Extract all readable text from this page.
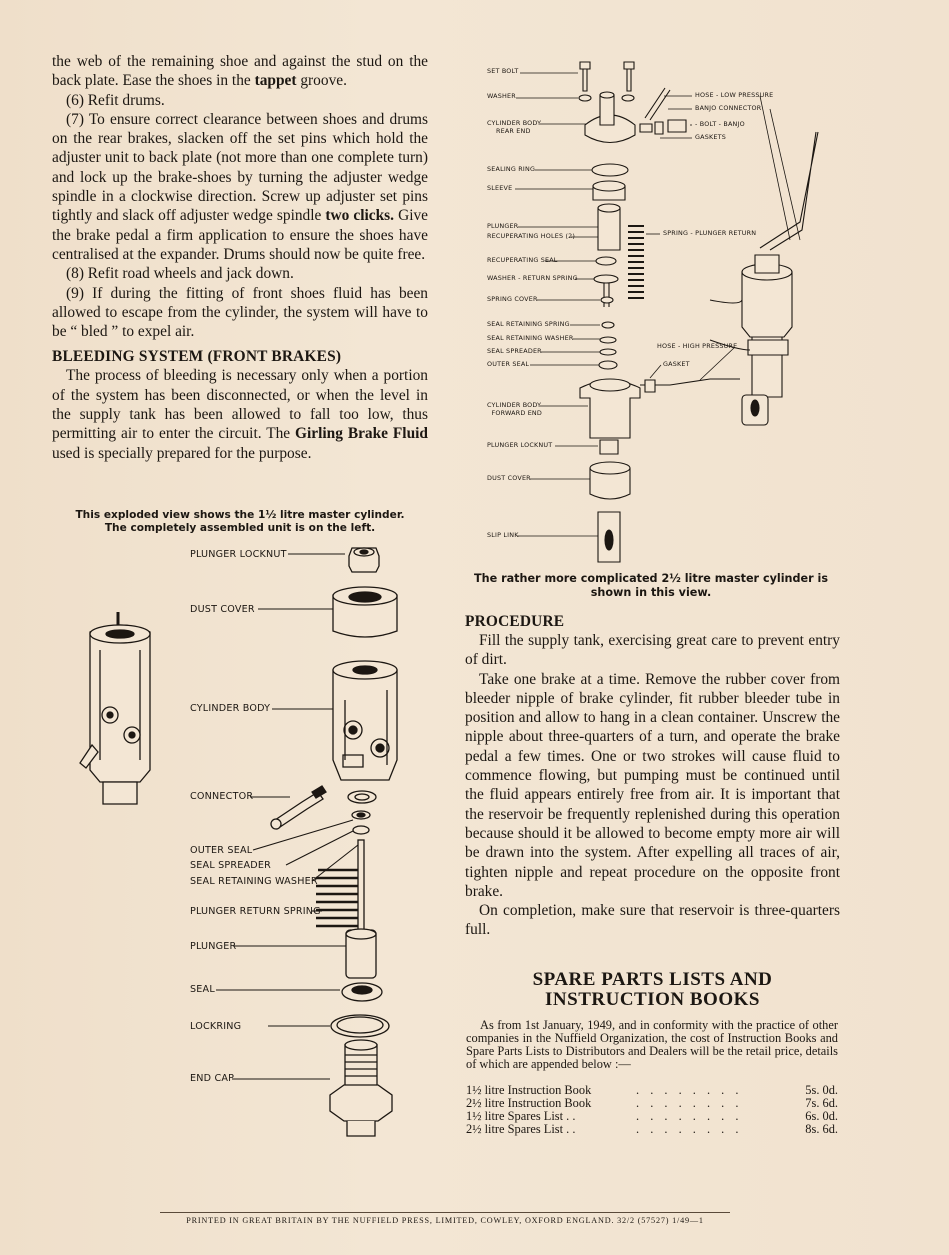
the web of the remaining shoe and against the stud on the back plate. Ease the shoes in the tappet groove.

(6) Refit drums.

(7) To ensure correct clearance between shoes and drums on the rear brakes, slacken off the set pins which hold the adjuster unit to back plate (not more than one complete turn) and lock up the brake-shoes by turning the adjuster wedge spindle in a clockwise direction. Screw up adjuster set pins tightly and slack off adjuster wedge spindle two clicks. Give the brake pedal a firm application to ensure the shoes have centralised at the expander. Drums should now be quite free.

(8) Refit road wheels and jack down.

(9) If during the fitting of front shoes fluid has been allowed to escape from the cylinder, the system will have to be “ bled ” to expel air.

BLEEDING SYSTEM (FRONT BRAKES)

The process of bleeding is necessary only when a portion of the system has been disconnected, or when the level in the supply tank has been allowed to fall too low, thus permitting air to enter the circuit. The Girling Brake Fluid used is specially prepared for the purpose.

This exploded view shows the 1½ litre master cylinder.
The completely assembled unit is on the left.
PLUNGER LOCKNUT
DUST COVER
CYLINDER BODY
CONNECTOR
OUTER SEAL
SEAL SPREADER
SEAL RETAINING WASHER
PLUNGER RETURN SPRING
PLUNGER
SEAL
LOCKRING
END CAP
SET BOLT
WASHER
CYLINDER BODY
REAR END
SEALING RING
SLEEVE
PLUNGER
RECUPERATING HOLES (2)
RECUPERATING SEAL
WASHER - RETURN SPRING
SPRING COVER
SEAL RETAINING SPRING
SEAL RETAINING WASHER
SEAL SPREADER
OUTER SEAL
CYLINDER BODY
FORWARD END
PLUNGER LOCKNUT
DUST COVER
SLIP LINK
HOSE - LOW PRESSURE
BANJO CONNECTOR
- BOLT - BANJO
GASKETS
SPRING - PLUNGER RETURN
HOSE - HIGH PRESSURE
GASKET
The rather more complicated 2½ litre master cylinder is
shown in this view.
PROCEDURE

Fill the supply tank, exercising great care to prevent entry of dirt.

Take one brake at a time. Remove the rubber cover from bleeder nipple of brake cylinder, fit rubber bleeder tube in position and allow to hang in a clean container. Unscrew the nipple about three-quarters of a turn, and operate the brake pedal a few times. One or two strokes will cause fluid to commence flowing, but pumping must be continued until the fluid appears entirely free from air. It is important that the reservoir be frequently replenished during this operation because should it be allowed to become empty more air will be drawn into the system. After expelling all traces of air, tighten nipple and repeat procedure on the opposite front brake.

On completion, make sure that reservoir is three-quarters full.

SPARE PARTS LISTS AND
INSTRUCTION BOOKS
As from 1st January, 1949, and in conformity with the practice of other companies in the Nuffield Organization, the cost of Instruction Books and Spare Parts Lists to Distributors and Dealers will be the retail price, details of which are appended below :—
1½ litre Instruction Book	. . . . . . . .	5s. 0d.
2½ litre Instruction Book	. . . . . . . .	7s. 6d.
1½ litre Spares List . .	. . . . . . . .	6s. 0d.
2½ litre Spares List . .	. . . . . . . .	8s. 6d.
PRINTED IN GREAT BRITAIN BY THE NUFFIELD PRESS, LIMITED, COWLEY, OXFORD ENGLAND. 32/2 (57527) 1/49—1
